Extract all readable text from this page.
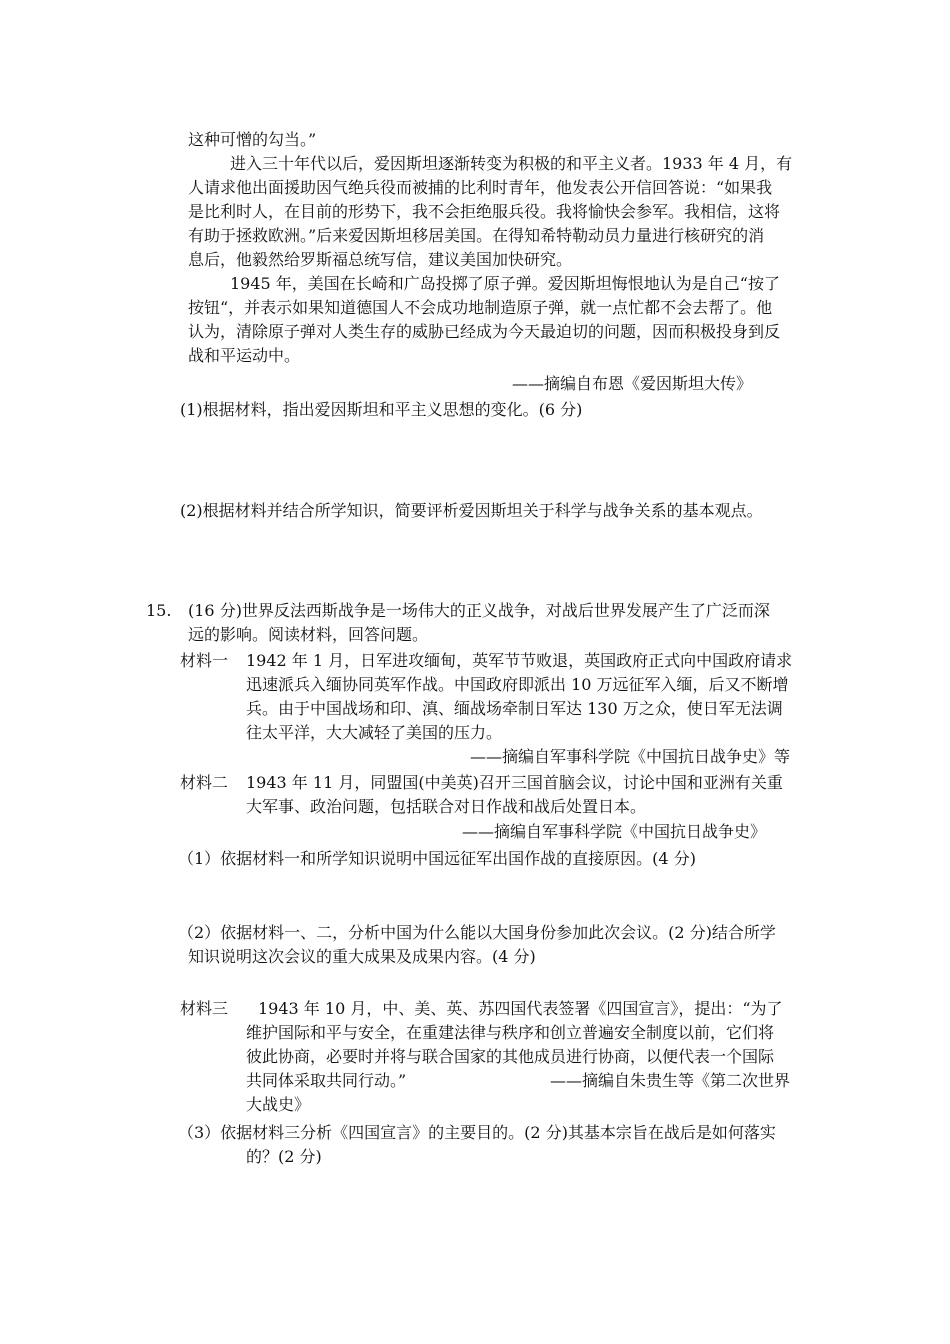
这种可憎的勾当。”
进入三十年代以后，爱因斯坦逐渐转变为积极的和平主义者。1933 年 4 月，有
人请求他出面援助因气绝兵役而被捕的比利时青年，他发表公开信回答说：“如果我
是比利时人，在目前的形势下，我不会拒绝服兵役。我将愉快会参军。我相信，这将
有助于拯救欧洲。”后来爱因斯坦移居美国。在得知希特勒动员力量进行核研究的消
息后，他毅然给罗斯福总统写信，建议美国加快研究。
1945 年，美国在长崎和广岛投掷了原子弹。爱因斯坦悔恨地认为是自己“按了
按钮“，并表示如果知道德国人不会成功地制造原子弹，就一点忙都不会去帮了。他
认为，清除原子弹对人类生存的威胁已经成为今天最迫切的问题，因而积极投身到反
战和平运动中。
——摘编自布恩《爱因斯坦大传》
(1)根据材料，指出爱因斯坦和平主义思想的变化。(6 分)
(2)根据材料并结合所学知识，简要评析爱因斯坦关于科学与战争关系的基本观点。
15. (16 分)世界反法西斯战争是一场伟大的正义战争，对战后世界发展产生了广泛而深
远的影响。阅读材料，回答问题。
材料一 1942 年 1 月，日军进攻缅甸，英军节节败退，英国政府正式向中国政府请求
迅速派兵入缅协同英军作战。中国政府即派出 10 万远征军入缅，后又不断增
兵。由于中国战场和印、滇、缅战场牵制日军达 130 万之众，使日军无法调
往太平洋，大大减轻了美国的压力。
——摘编自军事科学院《中国抗日战争史》等
材料二 1943 年 11 月，同盟国(中美英)召开三国首脑会议，讨论中国和亚洲有关重
大军事、政治问题，包括联合对日作战和战后处置日本。
——摘编自军事科学院《中国抗日战争史》
（1）依据材料一和所学知识说明中国远征军出国作战的直接原因。(4 分)
（2）依据材料一、二，分析中国为什么能以大国身份参加此次会议。(2 分)结合所学
知识说明这次会议的重大成果及成果内容。(4 分)
材料三 1943 年 10 月，中、美、英、苏四国代表签署《四国宣言》，提出：“为了
维护国际和平与安全，在重建法律与秩序和创立普遍安全制度以前，它们将
彼此协商，必要时并将与联合国家的其他成员进行协商，以便代表一个国际
共同体采取共同行动。”	——摘编自朱贵生等《第二次世界
大战史》
（3）依据材料三分析《四国宣言》的主要目的。(2 分)其基本宗旨在战后是如何落实
的？(2 分)
